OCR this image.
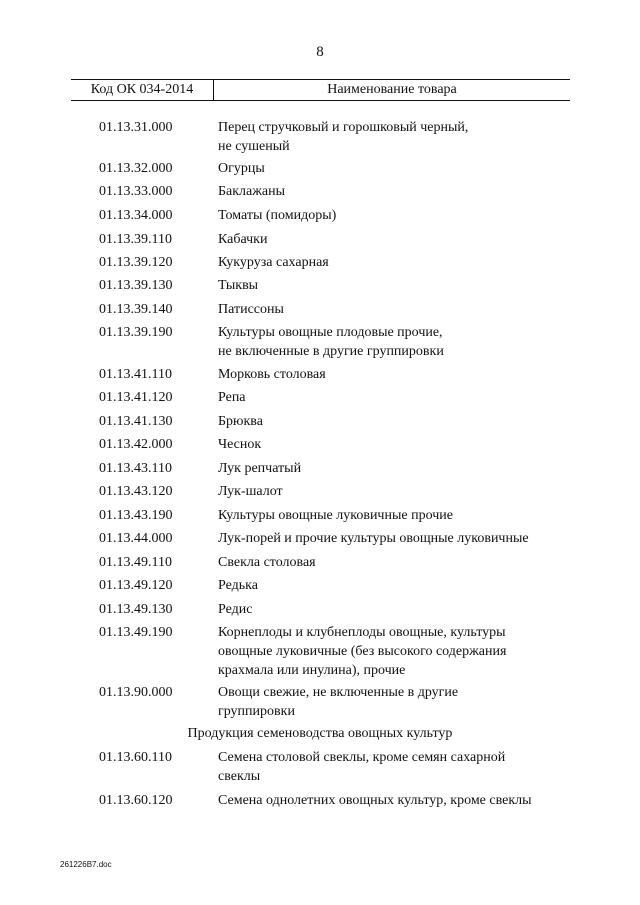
8
Код ОК 034-2014	Наименование товара
01.13.31.000	Перец стручковый и горошковый черный,
не сушеный
01.13.32.000	Огурцы
01.13.33.000	Баклажаны
01.13.34.000	Томаты (помидоры)
01.13.39.110	Кабачки
01.13.39.120	Кукуруза сахарная
01.13.39.130	Тыквы
01.13.39.140	Патиссоны
01.13.39.190	Культуры овощные плодовые прочие,
не включенные в другие группировки
01.13.41.110	Морковь столовая
01.13.41.120	Репа
01.13.41.130	Брюква
01.13.42.000	Чеснок
01.13.43.110	Лук репчатый
01.13.43.120	Лук-шалот
01.13.43.190	Культуры овощные луковичные прочие
01.13.44.000	Лук-порей и прочие культуры овощные луковичные
01.13.49.110	Свекла столовая
01.13.49.120	Редька
01.13.49.130	Редис
01.13.49.190	Корнеплоды и клубнеплоды овощные, культуры
овощные луковичные (без высокого содержания
крахмала или инулина), прочие
01.13.90.000	Овощи свежие, не включенные в другие
группировки
Продукция семеноводства овощных культур
01.13.60.110	Семена столовой свеклы, кроме семян сахарной
свеклы
01.13.60.120	Семена однолетних овощных культур, кроме свеклы
261226B7.doc
